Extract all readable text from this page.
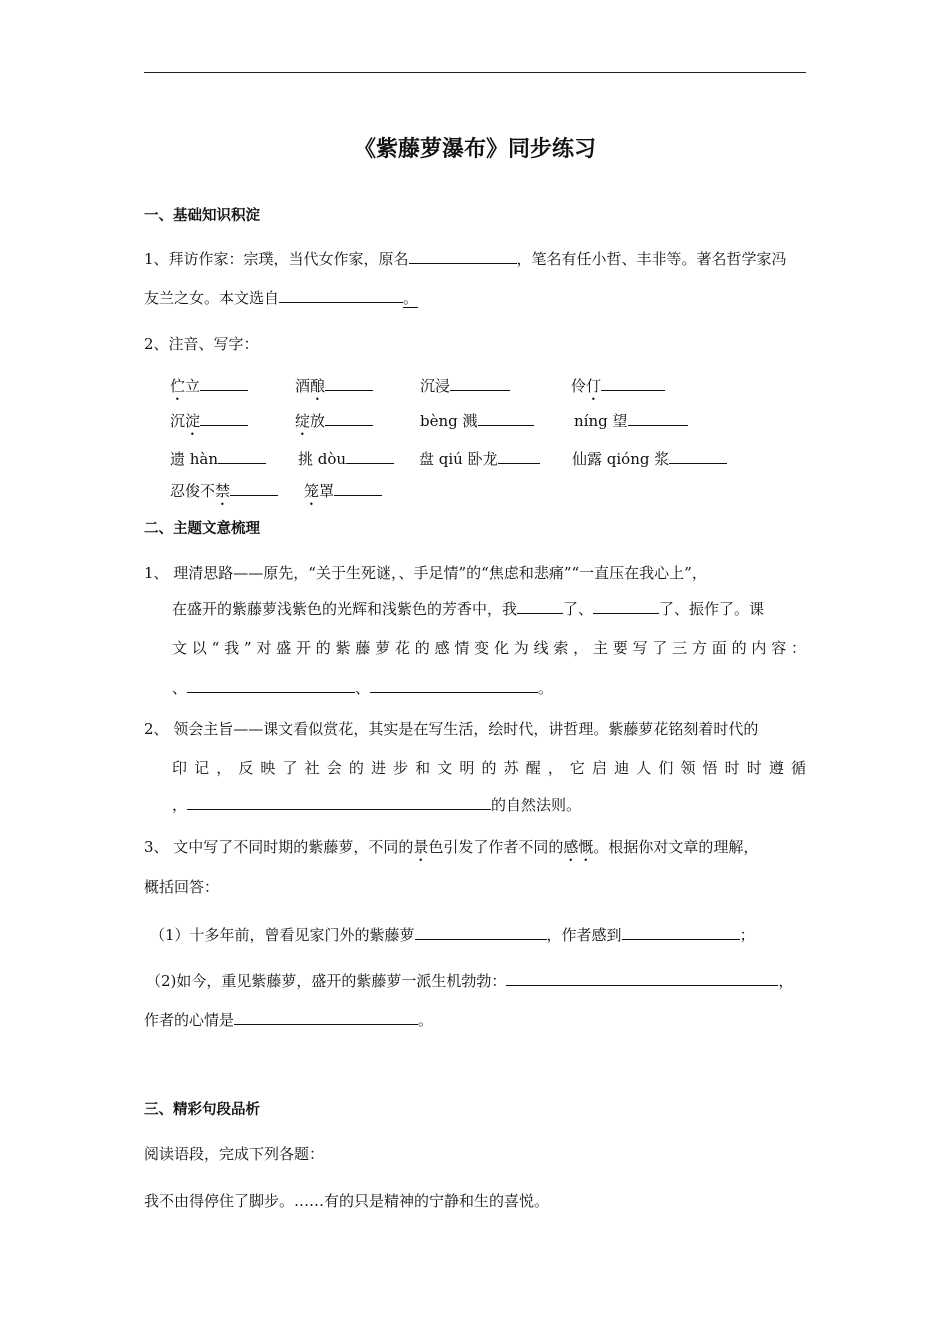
《紫藤萝瀑布》同步练习
一、基础知识积淀
1、拜访作家：宗璞，当代女作家，原名	，笔名有任小哲、丰非等。著名哲学家冯
友兰之女。本文选自	。
2、注音、写字：
伫立	酒酿	沉浸	伶仃
沉淀	绽放	bèng 溅	níng 望
遗 hàn	挑 dòu	盘 qiú 卧龙	仙露 qióng 浆
忍俊不禁	笼罩
二、主题文意梳理
1、 理清思路——原先，“关于生死谜，、手足情”的“焦虑和悲痛”“一直压在我心上”，
在盛开的紫藤萝浅紫色的光辉和浅紫色的芳香中，我	了、	了、振作了。课
文以“我”对盛开的紫藤萝花的感情变化为线索，主要写了三方面的内容：
、	、	。
2、 领会主旨——课文看似赏花，其实是在写生活，绘时代，讲哲理。紫藤萝花铭刻着时代的
印记，反映了社会的进步和文明的苏醒，它启迪人们领悟时时遵循
，	的自然法则。
3、 文中写了不同时期的紫藤萝，不同的景色引发了作者不同的感慨。根据你对文章的理解，
概括回答：
（1）十多年前，曾看见家门外的紫藤萝	，作者感到	；
（2)如今，重见紫藤萝，盛开的紫藤萝一派生机勃勃：	，
作者的心情是	。
三、精彩句段品析
阅读语段，完成下列各题：
我不由得停住了脚步。……有的只是精神的宁静和生的喜悦。
